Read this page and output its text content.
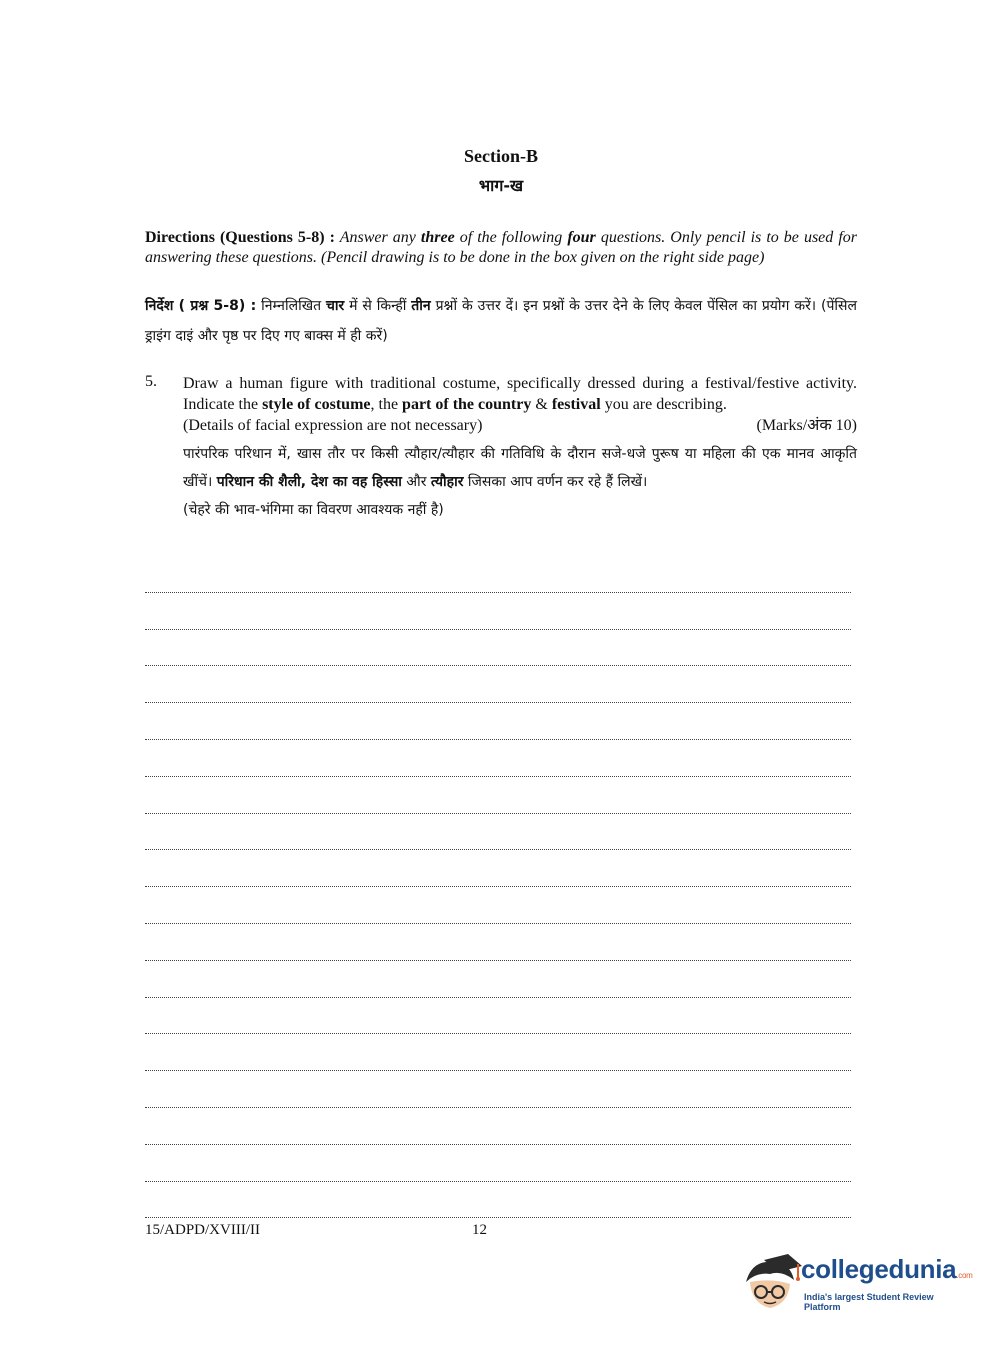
Section-B
भाग-ख
Directions (Questions 5-8) : Answer any three of the following four questions. Only pencil is to be used for answering these questions. (Pencil drawing is to be done in the box given on the right side page)
निर्देश ( प्रश्न 5-8) : निम्नलिखित चार में से किन्हीं तीन प्रश्नों के उत्तर दें। इन प्रश्नों के उत्तर देने के लिए केवल पेंसिल का प्रयोग करें। (पेंसिल ड्राइंग दाइं और पृष्ठ पर दिए गए बाक्स में ही करें)
5. Draw a human figure with traditional costume, specifically dressed during a festival/festive activity. Indicate the style of costume, the part of the country & festival you are describing.
(Details of facial expression are not necessary)	(Marks/अंक 10)
पारंपरिक परिधान में, खास तौर पर किसी त्यौहार/त्यौहार की गतिविधि के दौरान सजे-धजे पुरूष या महिला की एक मानव आकृति खींचें। परिधान की शैली, देश का वह हिस्सा और त्यौहार जिसका आप वर्णन कर रहे हैं लिखें।
(चेहरे की भाव-भंगिमा का विवरण आवश्यक नहीं है)
15/ADPD/XVIII/II	12
collegedunia.com
India's largest Student Review Platform
